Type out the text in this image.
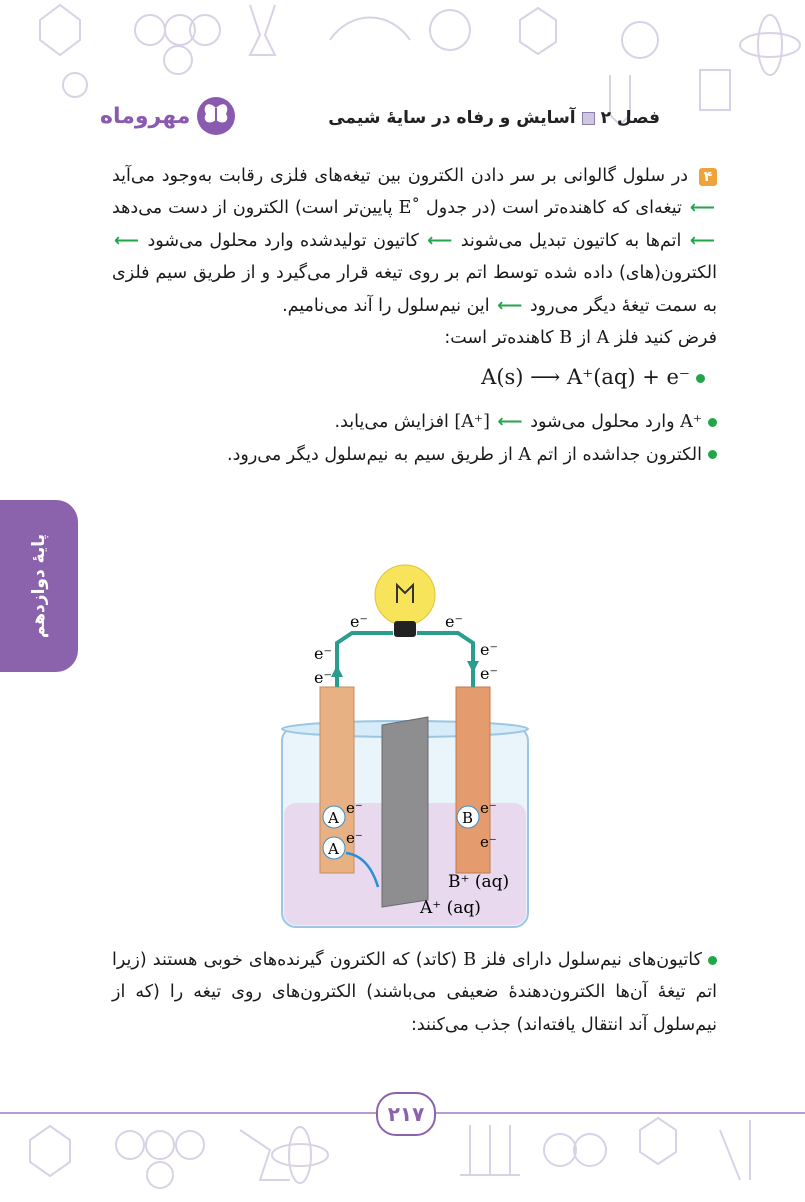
فصل ۲آسایش و رفاه در سایهٔ شیمی
مهروماه
پایهٔ دوازدهم

۴ در سلول گالوانی بر سر دادن الکترون بین تیغه‌های فلزی رقابت به‌وجود می‌آید⟵ تیغه‌ای که کاهنده‌تر است (در جدول E˚ پایین‌تر است) الکترون از دست می‌دهد ⟵ اتم‌ها به کاتیون تبدیل می‌شوند ⟵ کاتیون تولیدشده وارد محلول می‌شود ⟵ الکترون(های) داده شده توسط اتم بر روی تیغه قرار می‌گیرد و از طریق سیم فلزی به سمت تیغهٔ دیگر می‌رود ⟵ این نیم‌سلول را آند می‌نامیم.

فرض کنید فلز A از B کاهنده‌تر است:

A(s) ⟶ A⁺(aq) + e⁻

A⁺ وارد محلول می‌شود ⟵ [A⁺] افزایش می‌یابد.

الکترون جداشده از اتم A از طریق سیم به نیم‌سلول دیگر می‌رود.

e⁻	e⁻
e⁻
e⁻
e⁻
e⁻
A
e⁻
A
e⁻
B
e⁻
e⁻
B⁺ (aq)
A⁺ (aq)

کاتیون‌های نیم‌سلول دارای فلز B (کاتد) که الکترون گیرنده‌های خوبی هستند (زیرا اتم تیغهٔ آن‌ها الکترون‌دهندهٔ ضعیفی می‌باشند) الکترون‌های روی تیغه را (که از نیم‌سلول آند انتقال یافته‌اند) جذب می‌کنند:

۲۱۷
